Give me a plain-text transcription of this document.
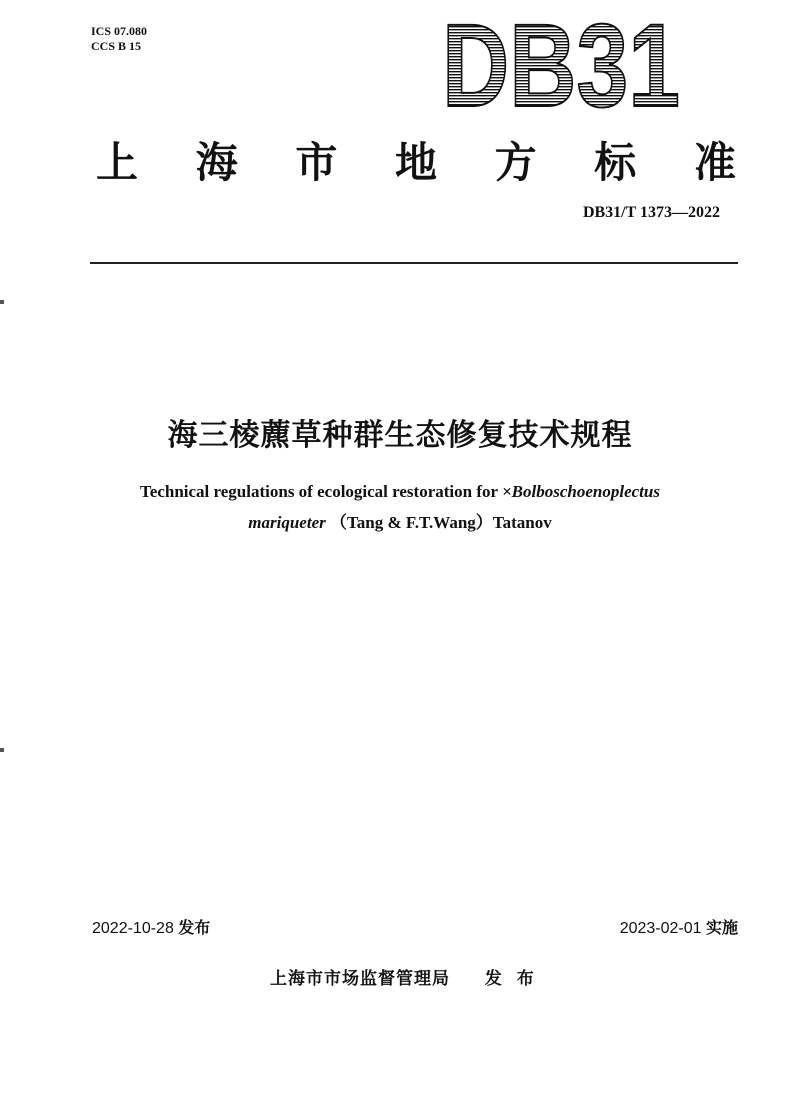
ICS 07.080
CCS B 15	DB31
上 海 市 地 方 标 准
DB31/T 1373—2022
海三棱藨草种群生态修复技术规程
Technical regulations of ecological restoration for ×Bolboschoenoplectus
mariqueter （Tang & F.T.Wang）Tatanov
2022-10-28 发布	2023-02-01 实施
上海市市场监督管理局 发  布
